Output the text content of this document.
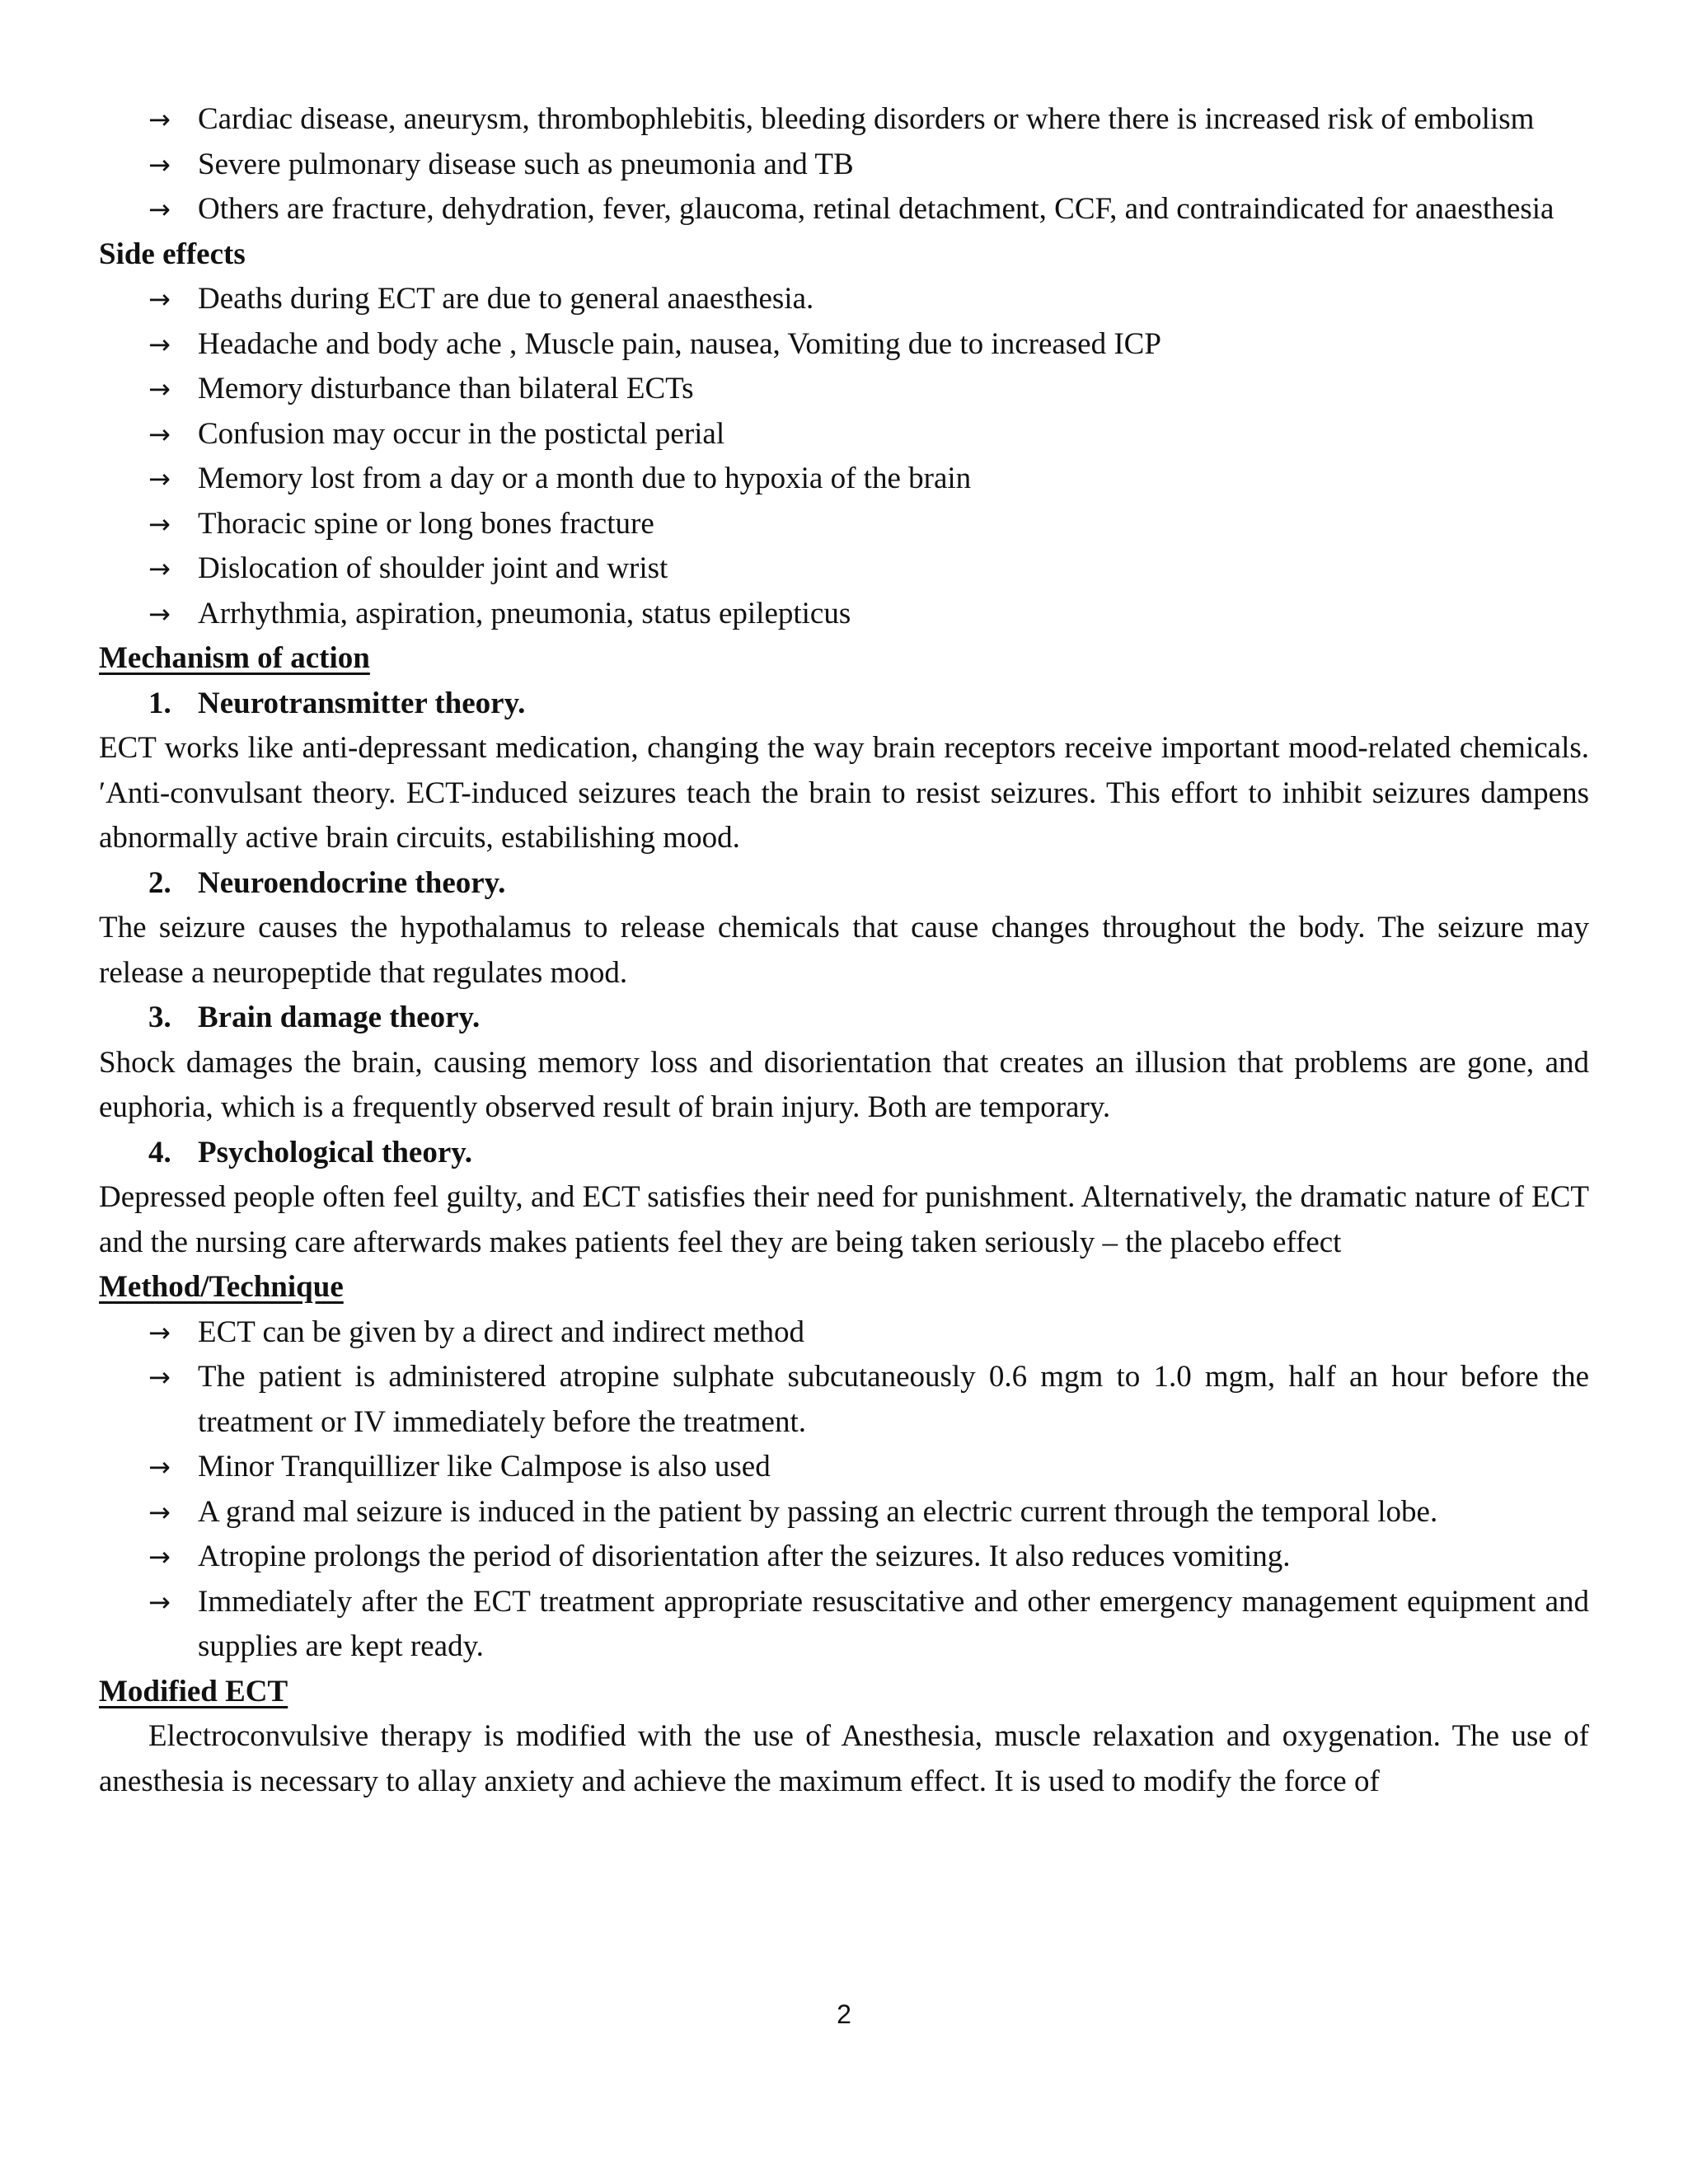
→ Cardiac disease, aneurysm, thrombophlebitis, bleeding disorders or where there is increased risk of embolism
→ Severe pulmonary disease such as pneumonia and TB
→ Others are fracture, dehydration, fever, glaucoma, retinal detachment, CCF, and contraindicated for anaesthesia
Side effects
→ Deaths during ECT are due to general anaesthesia.
→ Headache and body ache , Muscle pain, nausea, Vomiting due to increased ICP
→ Memory disturbance than bilateral ECTs
→ Confusion may occur in the postictal perial
→ Memory lost from a day or a month due to hypoxia of the brain
→ Thoracic spine or long bones fracture
→ Dislocation of shoulder joint and wrist
→ Arrhythmia, aspiration, pneumonia, status epilepticus
Mechanism of action
1. Neurotransmitter theory.

ECT works like anti-depressant medication, changing the way brain receptors receive important mood-related chemicals. ′Anti-convulsant theory. ECT-induced seizures teach the brain to resist seizures. This effort to inhibit seizures dampens abnormally active brain circuits, estabilishing mood.

2. Neuroendocrine theory.

The seizure causes the hypothalamus to release chemicals that cause changes throughout the body. The seizure may release a neuropeptide that regulates mood.

3. Brain damage theory.

Shock damages the brain, causing memory loss and disorientation that creates an illusion that problems are gone, and euphoria, which is a frequently observed result of brain injury. Both are temporary.

4. Psychological theory.

Depressed people often feel guilty, and ECT satisfies their need for punishment. Alternatively, the dramatic nature of ECT and the nursing care afterwards makes patients feel they are being taken seriously – the placebo effect

Method/Technique
→ ECT can be given by a direct and indirect method
→ The patient is administered atropine sulphate subcutaneously 0.6 mgm to 1.0 mgm, half an hour before the treatment or IV immediately before the treatment.
→ Minor Tranquillizer like Calmpose is also used
→ A grand mal seizure is induced in the patient by passing an electric current through the temporal lobe.
→ Atropine prolongs the period of disorientation after the seizures. It also reduces vomiting.
→ Immediately after the ECT treatment appropriate resuscitative and other emergency management equipment and supplies are kept ready.
Modified ECT

Electroconvulsive therapy is modified with the use of Anesthesia, muscle relaxation and oxygenation. The use of anesthesia is necessary to allay anxiety and achieve the maximum effect. It is used to modify the force of

2
